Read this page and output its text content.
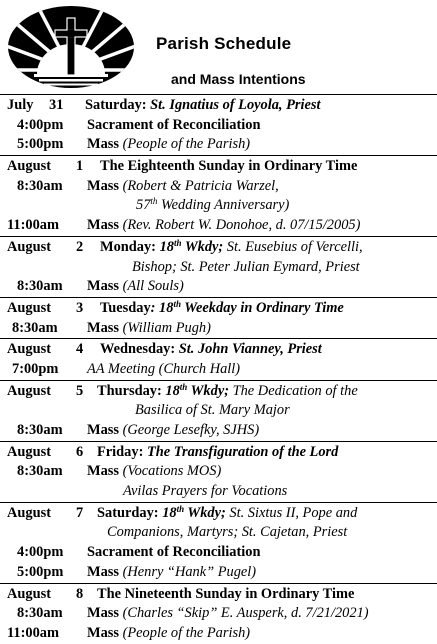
Parish Schedule
and Mass Intentions
July 31 Saturday: St. Ignatius of Loyola, Priest
4:00pm Sacrament of Reconciliation
5:00pm Mass (People of the Parish)
August 1 The Eighteenth Sunday in Ordinary Time
8:30am Mass (Robert & Patricia Warzel,
57th Wedding Anniversary)
11:00am Mass (Rev. Robert W. Donohoe, d. 07/15/2005)
August 2 Monday: 18th Wkdy; St. Eusebius of Vercelli,
Bishop; St. Peter Julian Eymard, Priest
8:30am Mass (All Souls)
August 3 Tuesday: 18th Weekday in Ordinary Time
8:30am Mass (William Pugh)
August 4 Wednesday: St. John Vianney, Priest
7:00pm AA Meeting (Church Hall)
August 5 Thursday: 18th Wkdy; The Dedication of the
Basilica of St. Mary Major
8:30am Mass (George Lesefky, SJHS)
August 6 Friday: The Transfiguration of the Lord
8:30am Mass (Vocations MOS)
Avilas Prayers for Vocations
August 7 Saturday: 18th Wkdy; St. Sixtus II, Pope and
Companions, Martyrs; St. Cajetan, Priest
4:00pm Sacrament of Reconciliation
5:00pm Mass (Henry “Hank” Pugel)
August 8 The Nineteenth Sunday in Ordinary Time
8:30am Mass (Charles “Skip” E. Ausperk, d. 7/21/2021)
11:00am Mass (People of the Parish)
